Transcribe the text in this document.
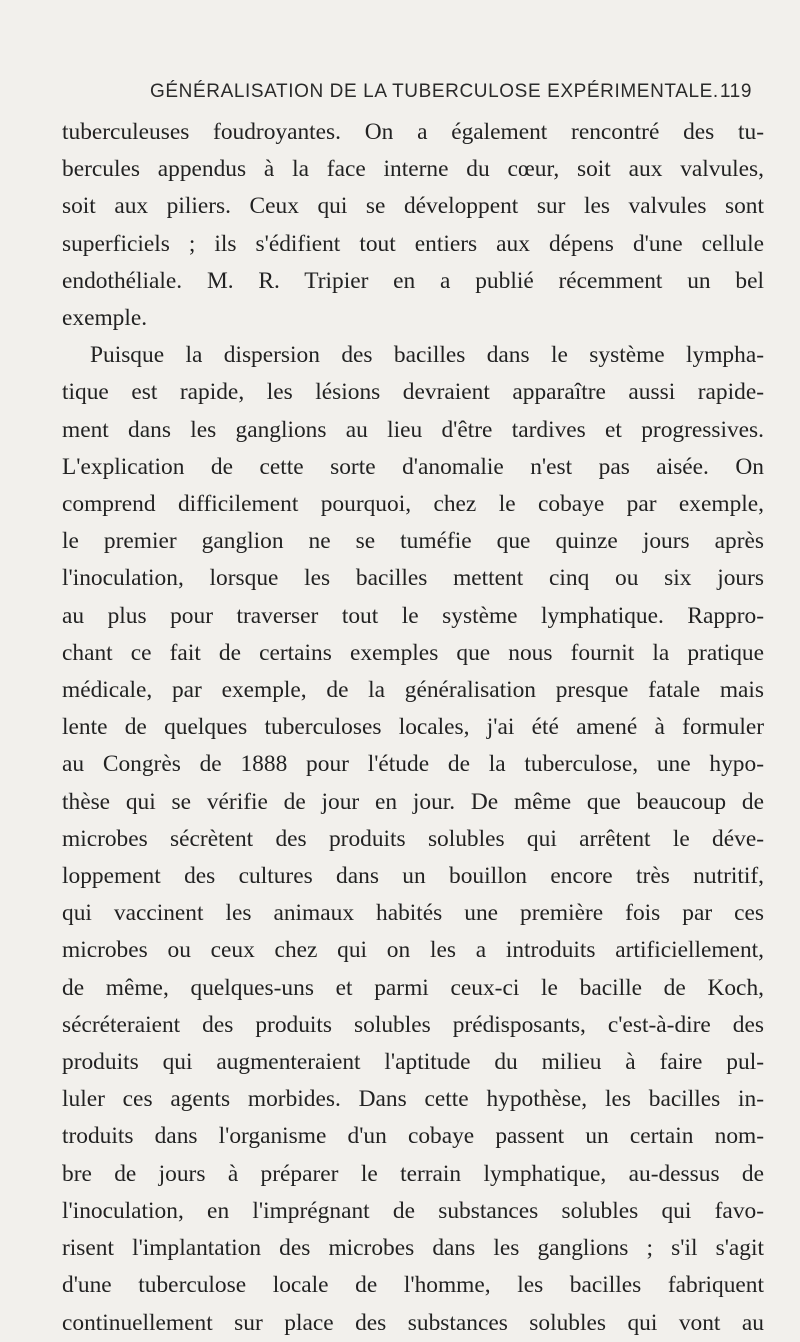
GÉNÉRALISATION DE LA TUBERCULOSE EXPÉRIMENTALE. 119
tuberculeuses foudroyantes. On a également rencontré des tu-
bercules appendus à la face interne du cœur, soit aux valvules,
soit aux piliers. Ceux qui se développent sur les valvules sont
superficiels ; ils s'édifient tout entiers aux dépens d'une cellule
endothéliale. M. R. Tripier en a publié récemment un bel
exemple.
Puisque la dispersion des bacilles dans le système lympha-
tique est rapide, les lésions devraient apparaître aussi rapide-
ment dans les ganglions au lieu d'être tardives et progressives.
L'explication de cette sorte d'anomalie n'est pas aisée. On
comprend difficilement pourquoi, chez le cobaye par exemple,
le premier ganglion ne se tuméfie que quinze jours après
l'inoculation, lorsque les bacilles mettent cinq ou six jours
au plus pour traverser tout le système lymphatique. Rappro-
chant ce fait de certains exemples que nous fournit la pratique
médicale, par exemple, de la généralisation presque fatale mais
lente de quelques tuberculoses locales, j'ai été amené à formuler
au Congrès de 1888 pour l'étude de la tuberculose, une hypo-
thèse qui se vérifie de jour en jour. De même que beaucoup de
microbes sécrètent des produits solubles qui arrêtent le déve-
loppement des cultures dans un bouillon encore très nutritif,
qui vaccinent les animaux habités une première fois par ces
microbes ou ceux chez qui on les a introduits artificiellement,
de même, quelques-uns et parmi ceux-ci le bacille de Koch,
sécréteraient des produits solubles prédisposants, c'est-à-dire des
produits qui augmenteraient l'aptitude du milieu à faire pul-
luler ces agents morbides. Dans cette hypothèse, les bacilles in-
troduits dans l'organisme d'un cobaye passent un certain nom-
bre de jours à préparer le terrain lymphatique, au-dessus de
l'inoculation, en l'imprégnant de substances solubles qui favo-
risent l'implantation des microbes dans les ganglions ; s'il s'agit
d'une tuberculose locale de l'homme, les bacilles fabriquent
continuellement sur place des substances solubles qui vont au
